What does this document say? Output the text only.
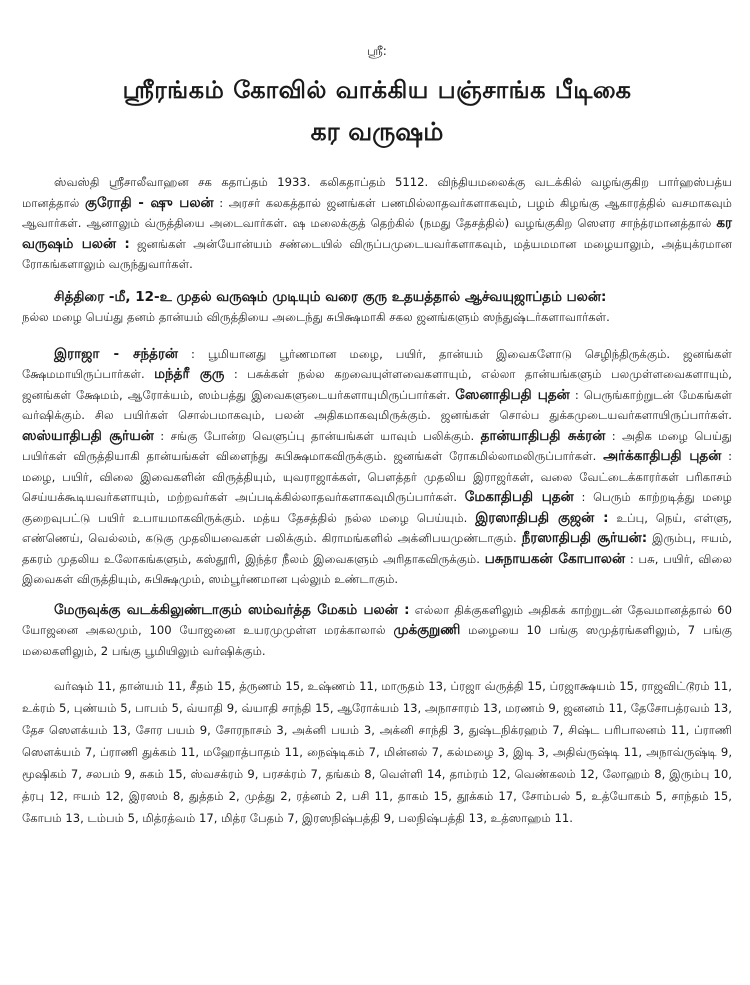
ஸ்ரீ:
ஸ்ரீரங்கம் கோவில் வாக்கிய பஞ்சாங்க பீடிகை
கர வருஷம்

ஸ்வஸ்தி ஸ்ரீசாலீவாஹன சக கதாப்தம் 1933. கலிகதாப்தம் 5112. விந்தியமலைக்கு வடக்கில் வழங்குகிற பார்ஹஸ்பத்ய மானத்தால் குரோதி - ஷு பலன் : அரசர் கலகத்தால் ஜனங்கள் பணமில்லாதவர்களாகவும், பழம் கிழங்கு ஆகாரத்தில் வசமாகவும் ஆவார்கள். ஆனாலும் வ்ருத்தியை அடைவார்கள். ஷ மலைக்குத் தெற்கில் (நமது தேசத்தில்) வழங்குகிற ஸௌர சாந்த்ரமானத்தால் கர வருஷம் பலன் : ஜனங்கள் அன்யோன்யம் சண்டையில் விருப்பமுடையவர்களாகவும், மத்யமமான மழையாலும், அத்யுக்ரமான ரோகங்களாலும் வருந்துவார்கள்.

சித்திரை -மீ, 12-உ முதல் வருஷம் முடியும் வரை குரு உதயத்தால் ஆச்வயுஜாப்தம் பலன்:

நல்ல மழை பெய்து தனம் தான்யம் விருத்தியை அடைந்து சுபிக்ஷமாகி சகல ஜனங்களும் ஸந்துஷ்டர்களாவார்கள்.

இராஜா - சந்த்ரன் : பூமியானது பூர்ணமான மழை, பயிர், தான்யம் இவைகளோடு செழிந்திருக்கும். ஜனங்கள் க்ஷேமமாயிருப்பார்கள். மந்த்ரீ குரு : பசுக்கள் நல்ல கறவையுள்ளவைகளாயும், எல்லா தான்யங்களும் பலமுள்ளவைகளாயும், ஜனங்கள் க்ஷேமம், ஆரோக்யம், ஸம்பத்து இவைகளுடையர்களாயுமிருப்பார்கள். ஸேனாதிபதி புதன் : பெருங்காற்றுடன் மேகங்கள் வர்ஷிக்கும். சில பயிர்கள் சொல்பமாகவும், பலன் அதிகமாகவுமிருக்கும். ஜனங்கள் சொல்ப துக்கமுடையவர்களாயிருப்பார்கள். ஸஸ்யாதிபதி சூர்யன் : சங்கு போன்ற வெளுப்பு தான்யங்கள் யாவும் பலிக்கும். தான்யாதிபதி சுக்ரன் : அதிக மழை பெய்து பயிர்கள் விருத்தியாகி தான்யங்கள் விளைந்து சுபிக்ஷமாகவிருக்கும். ஜனங்கள் ரோகமில்லாமலிருப்பார்கள். அர்க்காதிபதி புதன் : மழை, பயிர், விலை இவைகளின் விருத்தியும், யுவராஜாக்கள், பௌத்தர் முதலிய இராஜர்கள், வலை வேட்டைக்காரர்கள் பரிகாசம் செய்யக்கூடியவர்களாயும், மற்றவர்கள் அப்படிக்கில்லாதவர்களாகவுமிருப்பார்கள். மேகாதிபதி புதன் : பெரும் காற்றடித்து மழை குறைவுபட்டு பயிர் உபாயமாகவிருக்கும். மத்ய தேசத்தில் நல்ல மழை பெய்யும். இரஸாதிபதி குஜன் : உப்பு, நெய், எள்ளு, எண்ணெய், வெல்லம், கடுகு முதலியவைகள் பலிக்கும். கிராமங்களில் அக்னிபயமுண்டாகும். நீரஸாதிபதி சூர்யன்: இரும்பு, ஈயம், தகரம் முதலிய உலோகங்களும், கஸ்தூரி, இந்த்ர நீலம் இவைகளும் அரிதாகவிருக்கும். பசுநாயகன் கோபாலன் : பசு, பயிர், விலை இவைகள் விருத்தியும், சுபிக்ஷமும், ஸம்பூர்ணமான புல்லும் உண்டாகும்.

மேருவுக்கு வடக்கிலுண்டாகும் ஸம்வர்த்த மேகம் பலன் : எல்லா திக்குகளிலும் அதிகக் காற்றுடன் தேவமானத்தால் 60 யோஜனை அகலமும், 100 யோஜனை உயரமுமுள்ள மரக்காலால் முக்குறுணி மழையை 10 பங்கு ஸமுத்ரங்களிலும், 7 பங்கு மலைகளிலும், 2 பங்கு பூமியிலும் வர்ஷிக்கும்.

வர்ஷம் 11, தான்யம் 11, சீதம் 15, த்ருணம் 15, உஷ்ணம் 11, மாருதம் 13, ப்ரஜா வ்ருத்தி 15, ப்ரஜாக்ஷயம் 15, ராஜவிட்டூரம் 11, உக்ரம் 5, புண்யம் 5, பாபம் 5, வ்யாதி 9, வ்யாதி சாந்தி 15, ஆரோக்யம் 13, அநாசாரம் 13, மரணம் 9, ஜனனம் 11, தேசோபத்ரவம் 13, தேச ஸௌக்யம் 13, சோர பயம் 9, சோரநாசம் 3, அக்னி பயம் 3, அக்னி சாந்தி 3, துஷ்டநிக்ரஹம் 7, சிஷ்ட பரிபாலனம் 11, ப்ராணி ஸௌக்யம் 7, ப்ராணி துக்கம் 11, மஹோத்பாதம் 11, நைஷ்டிகம் 7, மின்னல் 7, கல்மழை 3, இடி 3, அதிவ்ருஷ்டி 11, அநாவ்ருஷ்டி 9, மூஷிகம் 7, சலபம் 9, சுகம் 15, ஸ்வசக்ரம் 9, பரசக்ரம் 7, தங்கம் 8, வெள்ளி 14, தாம்ரம் 12, வெண்கலம் 12, லோஹம் 8, இரும்பு 10, த்ரபு 12, ஈயம் 12, இரஸம் 8, துத்தம் 2, முத்து 2, ரத்னம் 2, பசி 11, தாகம் 15, தூக்கம் 17, சோம்பல் 5, உத்யோகம் 5, சாந்தம் 15, கோபம் 13, டம்பம் 5, மித்ரத்வம் 17, மித்ர பேதம் 7, இரஸநிஷ்பத்தி 9, பலநிஷ்பத்தி 13, உத்ஸாஹம் 11.
